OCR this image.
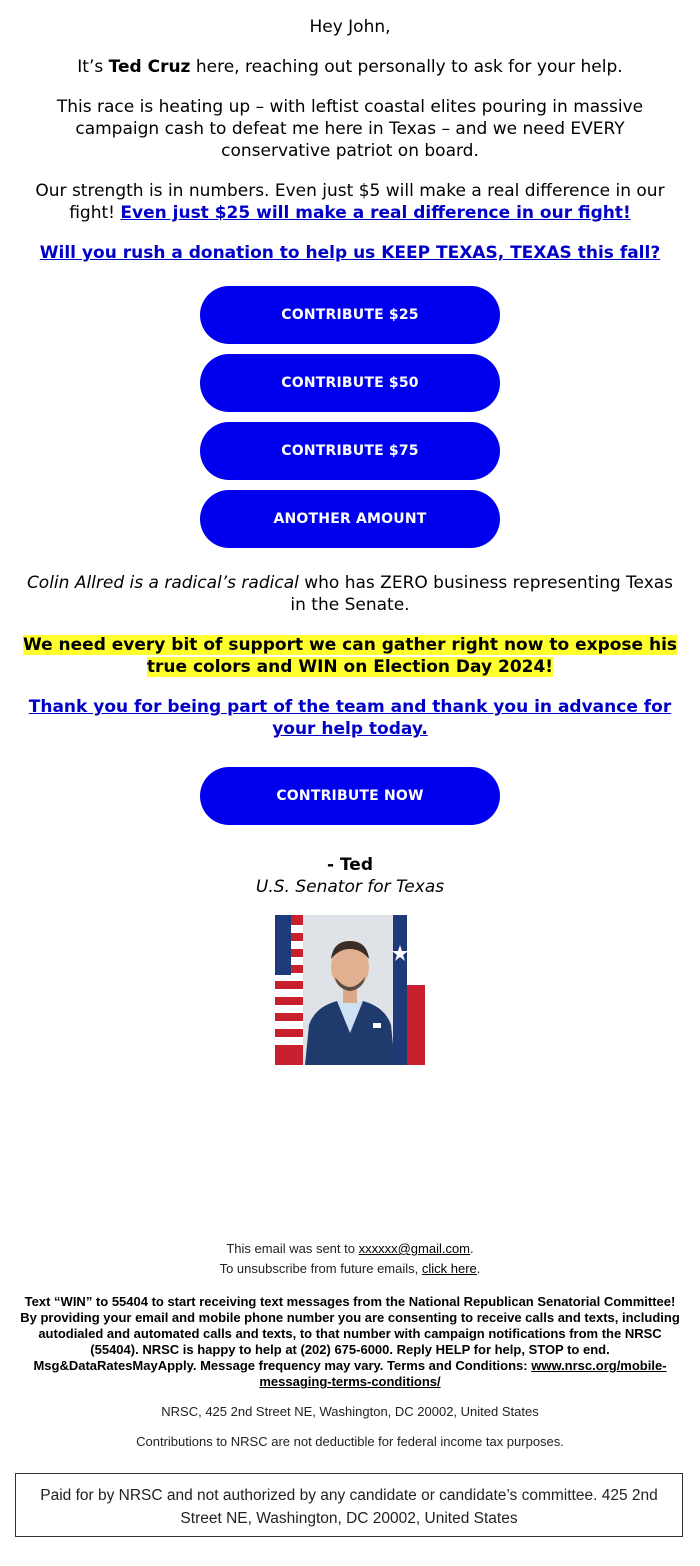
Hey John,

It’s Ted Cruz here, reaching out personally to ask for your help.

This race is heating up – with leftist coastal elites pouring in massive campaign cash to defeat me here in Texas – and we need EVERY conservative patriot on board.

Our strength is in numbers. Even just $5 will make a real difference in our fight! Even just $25 will make a real difference in our fight!

Will you rush a donation to help us KEEP TEXAS, TEXAS this fall?

CONTRIBUTE $25
CONTRIBUTE $50
CONTRIBUTE $75
ANOTHER AMOUNT

Colin Allred is a radical’s radical who has ZERO business representing Texas in the Senate.

We need every bit of support we can gather right now to expose his true colors and WIN on Election Day 2024!

Thank you for being part of the team and thank you in advance for your help today.

CONTRIBUTE NOW

- Ted

U.S. Senator for Texas

This email was sent to xxxxxx@gmail.com.

To unsubscribe from future emails, click here.

Text “WIN” to 55404 to start receiving text messages from the National Republican Senatorial Committee! By providing your email and mobile phone number you are consenting to receive calls and texts, including autodialed and automated calls and texts, to that number with campaign notifications from the NRSC (55404). NRSC is happy to help at (202) 675-6000. Reply HELP for help, STOP to end. Msg&DataRatesMayApply. Message frequency may vary. Terms and Conditions: www.nrsc.org/mobile-messaging-terms-conditions/

NRSC, 425 2nd Street NE, Washington, DC 20002, United States

Contributions to NRSC are not deductible for federal income tax purposes.

Paid for by NRSC and not authorized by any candidate or candidate’s committee. 425 2nd Street NE, Washington, DC 20002, United States
